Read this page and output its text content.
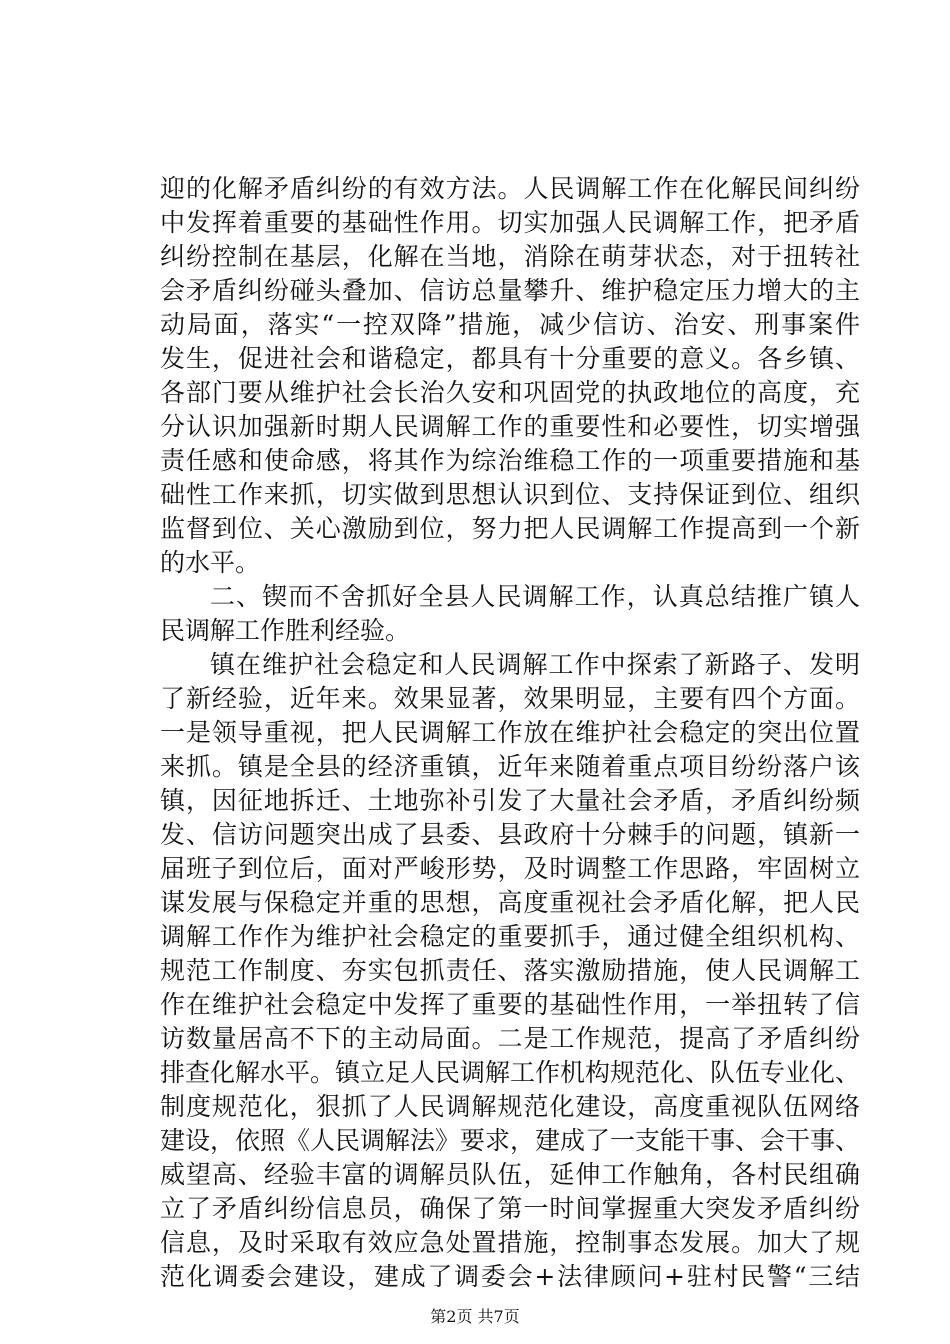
迎的化解矛盾纠纷的有效方法。人民调解工作在化解民间纠纷
中发挥着重要的基础性作用。切实加强人民调解工作，把矛盾
纠纷控制在基层，化解在当地，消除在萌芽状态，对于扭转社
会矛盾纠纷碰头叠加、信访总量攀升、维护稳定压力增大的主
动局面，落实“一控双降”措施，减少信访、治安、刑事案件
发生，促进社会和谐稳定，都具有十分重要的意义。各乡镇、
各部门要从维护社会长治久安和巩固党的执政地位的高度，充
分认识加强新时期人民调解工作的重要性和必要性，切实增强
责任感和使命感，将其作为综治维稳工作的一项重要措施和基
础性工作来抓，切实做到思想认识到位、支持保证到位、组织
监督到位、关心激励到位，努力把人民调解工作提高到一个新
的水平。
二、锲而不舍抓好全县人民调解工作，认真总结推广镇人
民调解工作胜利经验。
镇在维护社会稳定和人民调解工作中探索了新路子、发明
了新经验，近年来。效果显著，效果明显，主要有四个方面。
一是领导重视，把人民调解工作放在维护社会稳定的突出位置
来抓。镇是全县的经济重镇，近年来随着重点项目纷纷落户该
镇，因征地拆迁、土地弥补引发了大量社会矛盾，矛盾纠纷频
发、信访问题突出成了县委、县政府十分棘手的问题，镇新一
届班子到位后，面对严峻形势，及时调整工作思路，牢固树立
谋发展与保稳定并重的思想，高度重视社会矛盾化解，把人民
调解工作作为维护社会稳定的重要抓手，通过健全组织机构、
规范工作制度、夯实包抓责任、落实激励措施，使人民调解工
作在维护社会稳定中发挥了重要的基础性作用，一举扭转了信
访数量居高不下的主动局面。二是工作规范，提高了矛盾纠纷
排查化解水平。镇立足人民调解工作机构规范化、队伍专业化、
制度规范化，狠抓了人民调解规范化建设，高度重视队伍网络
建设，依照《人民调解法》要求，建成了一支能干事、会干事、
威望高、经验丰富的调解员队伍，延伸工作触角，各村民组确
立了矛盾纠纷信息员，确保了第一时间掌握重大突发矛盾纠纷
信息，及时采取有效应急处置措施，控制事态发展。加大了规
范化调委会建设，建成了调委会+法律顾问+驻村民警“三结
第2页 共7页
